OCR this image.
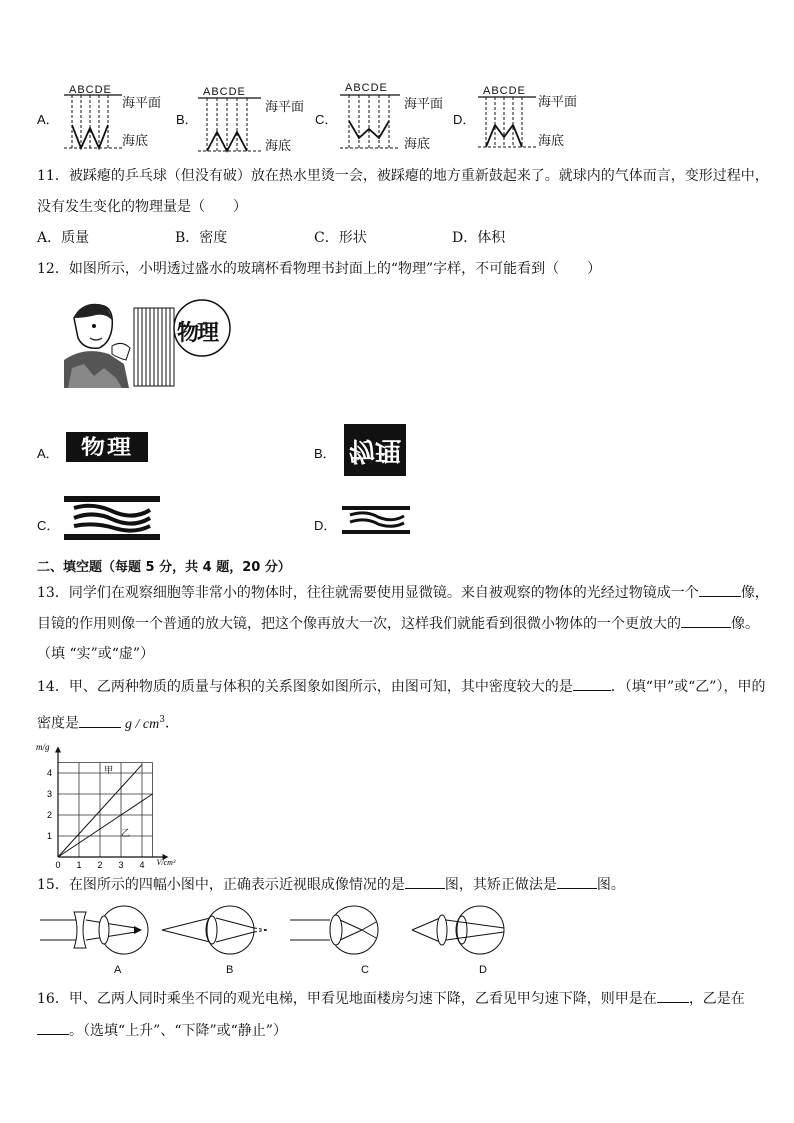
A．
ABCDE
海平面
海底
B．
ABCDE
海平面
海底
C．
ABCDE
海平面
海底
D．
ABCDE
海平面
海底
11．被踩瘪的乒乓球（但没有破）放在热水里烫一会，被踩瘪的地方重新鼓起来了。就球内的气体而言，变形过程中，
没有发生变化的物理量是（　　）
A．质量	B．密度	C．形状	D．体积
12．如图所示，小明透过盛水的玻璃杯看物理书封面上的“物理”字样，不可能看到（　　）
物理
A． 物理	B． 物理
C．	D．
二、填空题（每题 5 分，共 4 题，20 分）
13．同学们在观察细胞等非常小的物体时，往往就需要使用显微镜。来自被观察的物体的光经过物镜成一个	像，
目镜的作用则像一个普通的放大镜，把这个像再放大一次，这样我们就能看到很微小物体的一个更放大的	像。
（填 “实”或“虚”）
14．甲、乙两种物质的质量与体积的关系图象如图所示，由图可知，其中密度较大的是	．（填“甲”或“乙”），甲的
密度是	g / $cm^3$．
0 1 2 3 4
1
2
3
4
m/g
V/cm³
甲
乙
15．在图所示的四幅小图中，正确表示近视眼成像情况的是	图，其矫正做法是	图。
A	B	C	D
16．甲、乙两人同时乘坐不同的观光电梯，甲看见地面楼房匀速下降，乙看见甲匀速下降，则甲是在 ，乙是在
。（选填“上升”、“下降”或“静止”）
